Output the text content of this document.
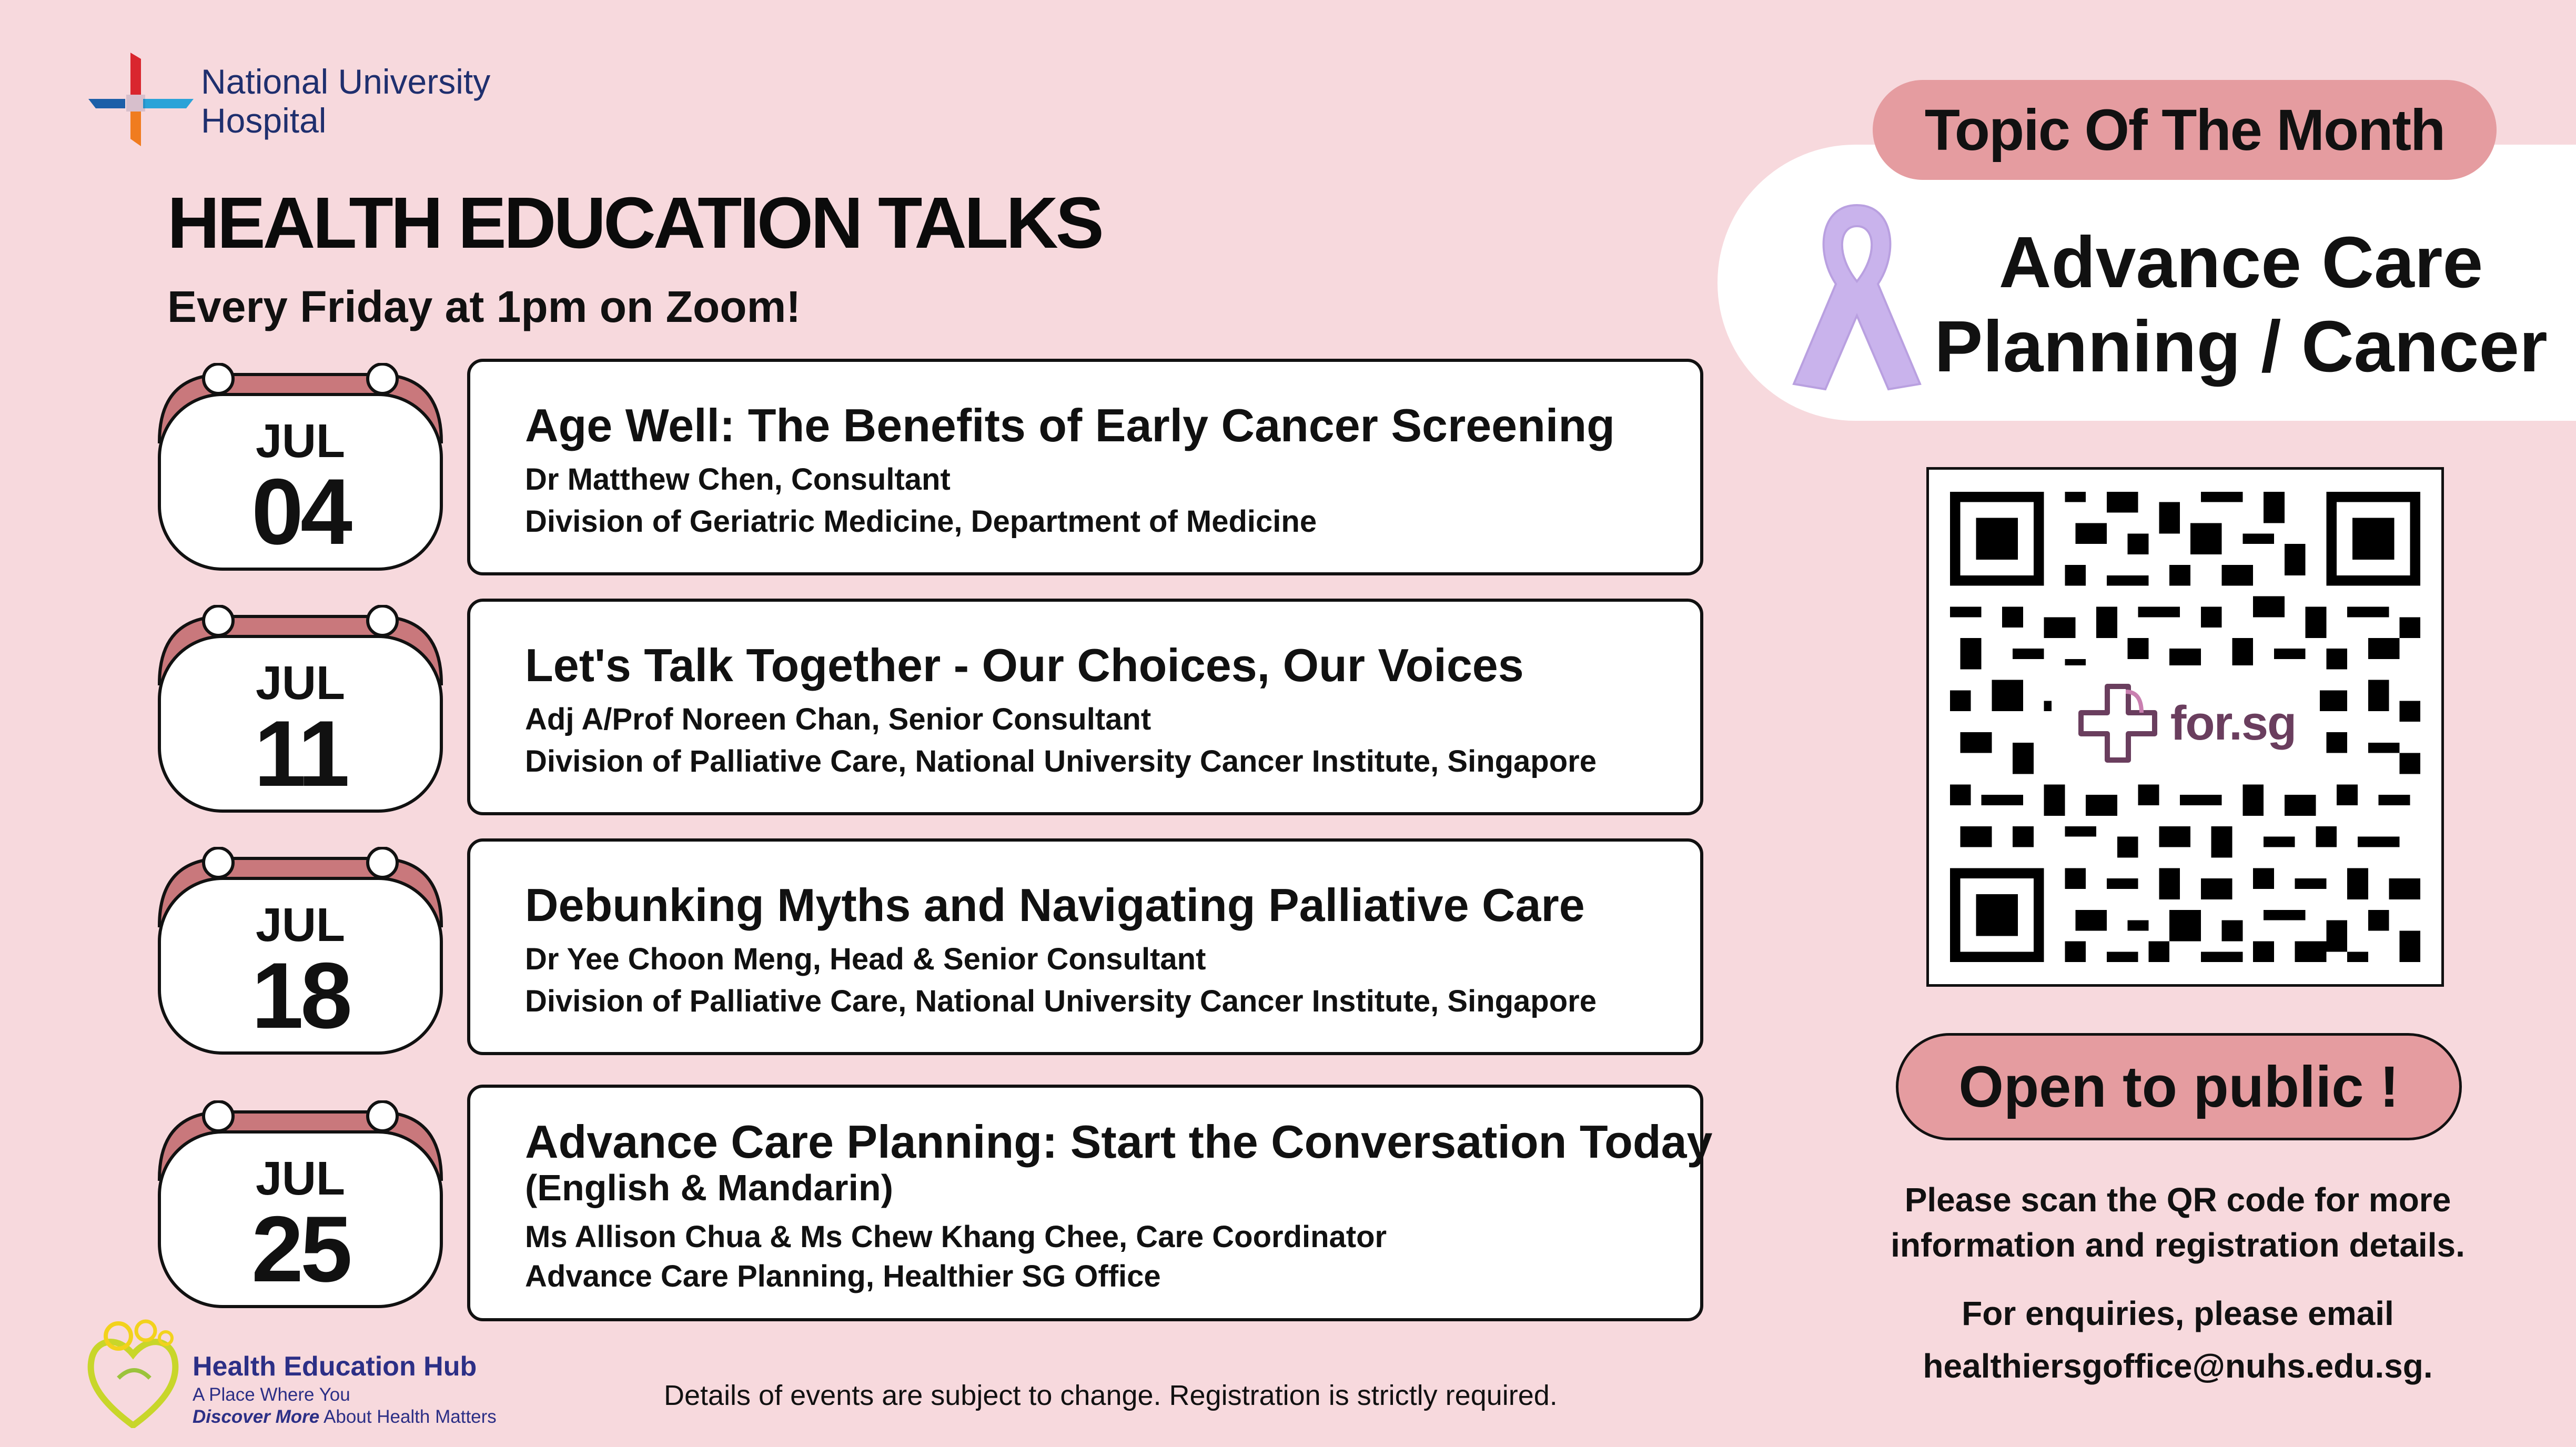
National University
Hospital
HEALTH EDUCATION TALKS
Every Friday at 1pm on Zoom!
JUL
04
Age Well: The Benefits of Early Cancer Screening
Dr Matthew Chen, Consultant
Division of Geriatric Medicine, Department of Medicine
JUL
11
Let's Talk Together - Our Choices, Our Voices
Adj A/Prof Noreen Chan, Senior Consultant
Division of Palliative Care, National University Cancer Institute, Singapore
JUL
18
Debunking Myths and Navigating Palliative Care
Dr Yee Choon Meng, Head & Senior Consultant
Division of Palliative Care, National University Cancer Institute, Singapore
JUL
25
Advance Care Planning: Start the Conversation Today
(English & Mandarin)
Ms Allison Chua & Ms Chew Khang Chee, Care Coordinator
Advance Care Planning, Healthier SG Office
Health Education Hub
A Place Where You
Discover More About Health Matters
Details of events are subject to change. Registration is strictly required.
Topic Of The Month
Advance Care
Planning / Cancer
for.sg
Open to public !
Please scan the QR code for more
information and registration details.
For enquiries, please email
healthiersgoffice@nuhs.edu.sg.
